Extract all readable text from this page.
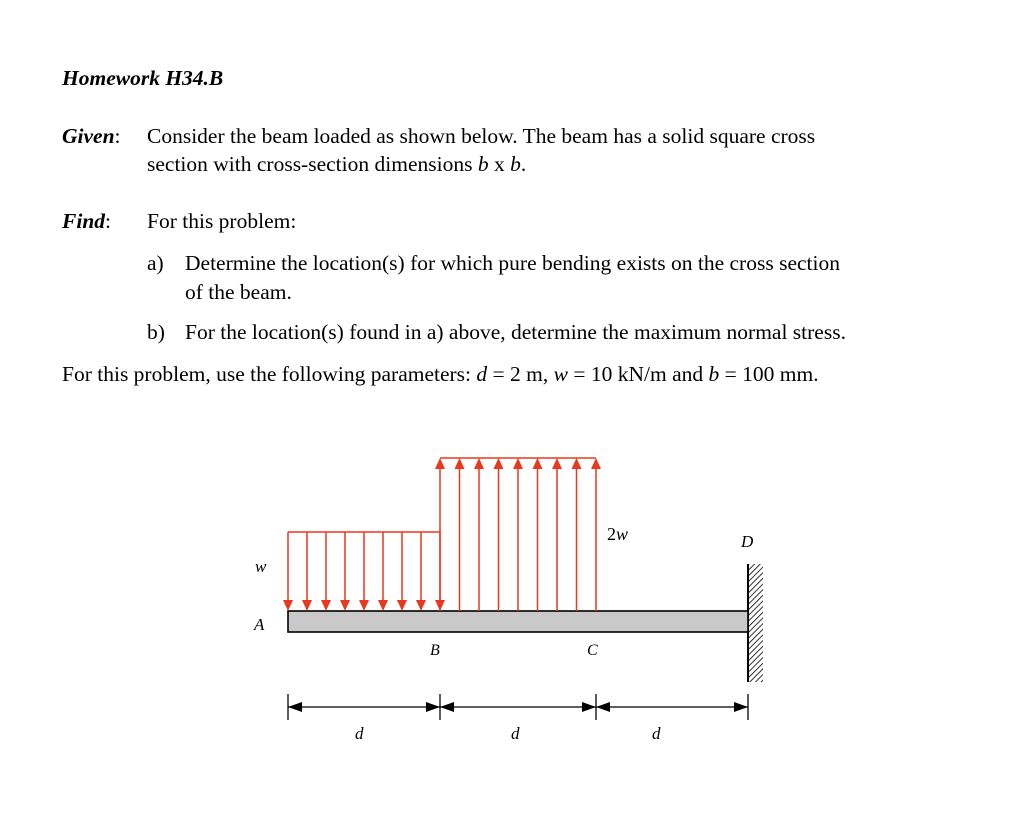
Homework H34.B
Given: Consider the beam loaded as shown below. The beam has a solid square cross
section with cross-section dimensions b x b.
Find: For this problem:
a) Determine the location(s) for which pure bending exists on the cross section
of the beam.
b) For the location(s) found in a) above, determine the maximum normal stress.
For this problem, use the following parameters: d = 2 m, w = 10 kN/m and b = 100 mm.
w
2w
A
B	C
D
d	d	d
